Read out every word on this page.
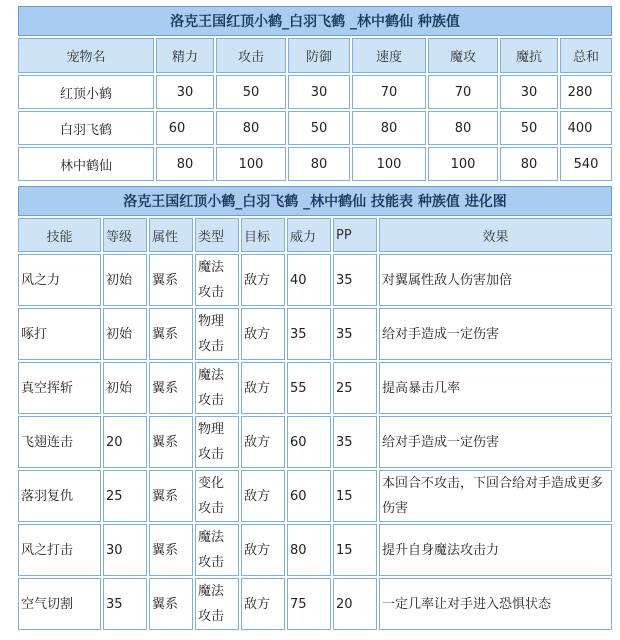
洛克王国红顶小鹤_白羽飞鹤 _林中鹤仙 种族值							
宠物名	精力	攻击	防御	速度	魔攻	魔抗	总和
红顶小鹤	30	50	30	70	70	30	280
白羽飞鹤	60	80	50	80	80	50	400
林中鹤仙	80	100	80	100	100	80	540
洛克王国红顶小鹤_白羽飞鹤 _林中鹤仙 技能表 种族值 进化图							
技能	等级	属性	类型	目标	威力	PP	效果
风之力	初始	翼系	魔法攻击	敌方	40	35	对翼属性敌人伤害加倍
啄打	初始	翼系	物理攻击	敌方	35	35	给对手造成一定伤害
真空挥斩	初始	翼系	魔法攻击	敌方	55	25	提高暴击几率
飞翅连击	20	翼系	物理攻击	敌方	60	35	给对手造成一定伤害
落羽复仇	25	翼系	变化攻击	敌方	60	15	本回合不攻击，下回合给对手造成更多伤害
风之打击	30	翼系	魔法攻击	敌方	80	15	提升自身魔法攻击力
空气切割	35	翼系	魔法攻击	敌方	75	20	一定几率让对手进入恐惧状态
